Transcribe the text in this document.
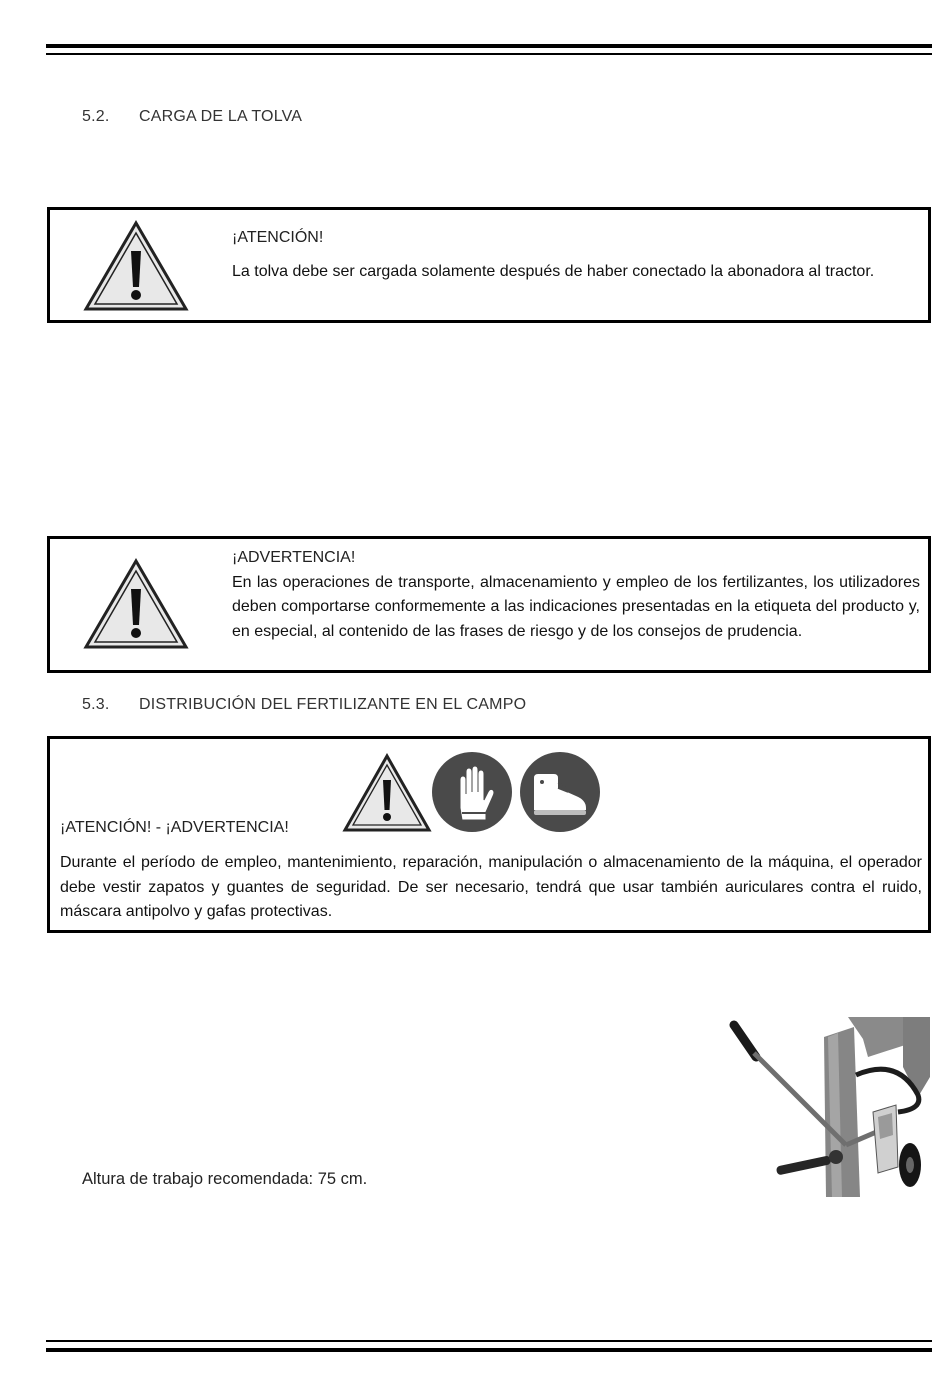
5.2. CARGA DE LA TOLVA
¡ATENCIÓN!
La tolva debe ser cargada solamente después de haber conectado la abonadora al tractor.
¡ADVERTENCIA!
En las operaciones de transporte, almacenamiento y empleo de los fertilizantes, los utilizadores deben comportarse conformemente a las indicaciones presentadas en la etiqueta del producto y, en especial, al contenido de las frases de riesgo y de los consejos de prudencia.
5.3. DISTRIBUCIÓN DEL FERTILIZANTE EN EL CAMPO
¡ATENCIÓN! - ¡ADVERTENCIA!
Durante el período de empleo, mantenimiento, reparación, manipulación o almacenamiento de la máquina, el operador debe vestir zapatos y guantes de seguridad. De ser necesario, tendrá que usar también auriculares contra el ruido, máscara antipolvo y gafas protectivas.
Altura de trabajo recomendada: 75 cm.
